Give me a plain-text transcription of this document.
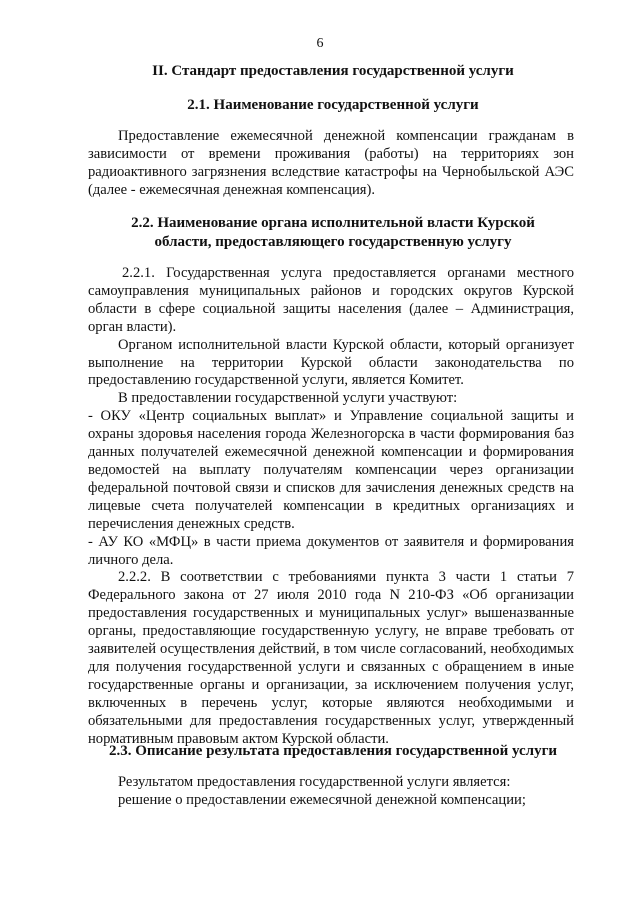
6
II. Стандарт предоставления государственной услуги
2.1. Наименование государственной услуги

Предоставление ежемесячной денежной компенсации гражданам в зависимости от времени проживания (работы) на территориях зон радиоактивного загрязнения вследствие катастрофы на Чернобыльской АЭС (далее - ежемесячная денежная компенсация).

2.2. Наименование органа исполнительной власти Курской
области, предоставляющего государственную услугу

2.2.1. Государственная услуга предоставляется органами местного самоуправления муниципальных районов и городских округов Курской области в сфере социальной защиты населения (далее – Администрация, орган власти).

Органом исполнительной власти Курской области, который организует выполнение на территории Курской области законодательства по предоставлению государственной услуги, является Комитет.

В предоставлении государственной услуги участвуют:

- ОКУ «Центр социальных выплат» и Управление социальной защиты и охраны здоровья населения города Железногорска в части формирования баз данных получателей ежемесячной денежной компенсации и формирования ведомостей на выплату получателям компенсации через организации федеральной почтовой связи и списков для зачисления денежных средств на лицевые счета получателей компенсации в кредитных организациях и перечисления денежных средств.

- АУ КО «МФЦ» в части приема документов от заявителя и формирования личного дела.

2.2.2. В соответствии с требованиями пункта 3 части 1 статьи 7 Федерального закона от 27 июля 2010 года N 210-ФЗ «Об организации предоставления государственных и муниципальных услуг» вышеназванные органы, предоставляющие государственную услугу, не вправе требовать от заявителей осуществления действий, в том числе согласований, необходимых для получения государственной услуги и связанных с обращением в иные государственные органы и организации, за исключением получения услуг, включенных в перечень услуг, которые являются необходимыми и обязательными для предоставления государственных услуг, утвержденный нормативным правовым актом Курской области.

2.3. Описание результата предоставления государственной услуги

Результатом предоставления государственной услуги является:

решение о предоставлении ежемесячной денежной компенсации;
